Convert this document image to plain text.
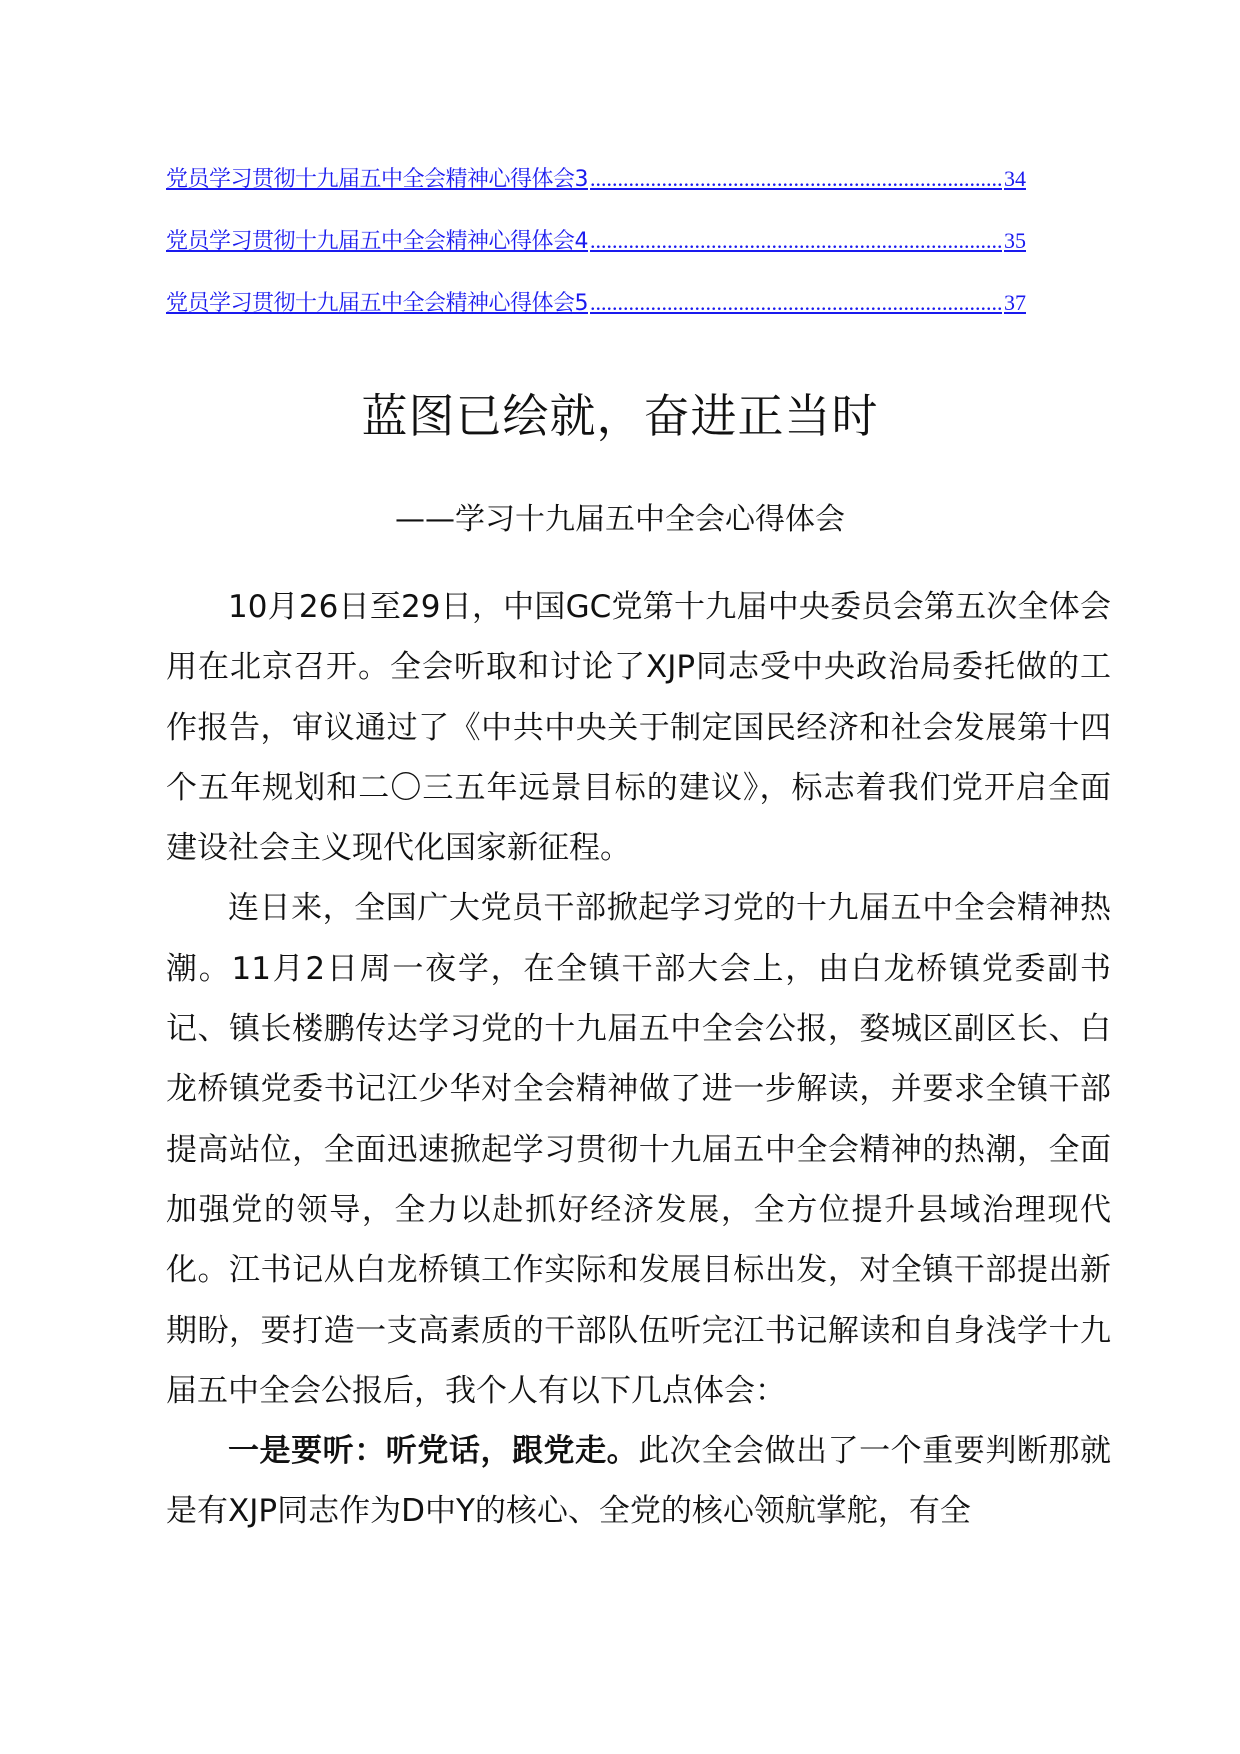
党员学习贯彻十九届五中全会精神心得体会3 .....	34
党员学习贯彻十九届五中全会精神心得体会4 .....	35
党员学习贯彻十九届五中全会精神心得体会5 .....	37
蓝图已绘就，奋进正当时
——学习十九届五中全会心得体会

10月26日至29日，中国GC党第十九届中央委员会第五次全体会用在北京召开。全会听取和讨论了XJP同志受中央政治局委托做的工作报告，审议通过了《中共中央关于制定国民经济和社会发展第十四个五年规划和二〇三五年远景目标的建议》，标志着我们党开启全面建设社会主义现代化国家新征程。

连日来，全国广大党员干部掀起学习党的十九届五中全会精神热潮。11月2日周一夜学，在全镇干部大会上，由白龙桥镇党委副书记、镇长楼鹏传达学习党的十九届五中全会公报，婺城区副区长、白龙桥镇党委书记江少华对全会精神做了进一步解读，并要求全镇干部提高站位，全面迅速掀起学习贯彻十九届五中全会精神的热潮，全面加强党的领导，全力以赴抓好经济发展，全方位提升县域治理现代化。江书记从白龙桥镇工作实际和发展目标出发，对全镇干部提出新期盼，要打造一支高素质的干部队伍听完江书记解读和自身浅学十九届五中全会公报后，我个人有以下几点体会：

一是要听：听党话，跟党走。此次全会做出了一个重要判断那就是有XJP同志作为D中Y的核心、全党的核心领航掌舵，有全
